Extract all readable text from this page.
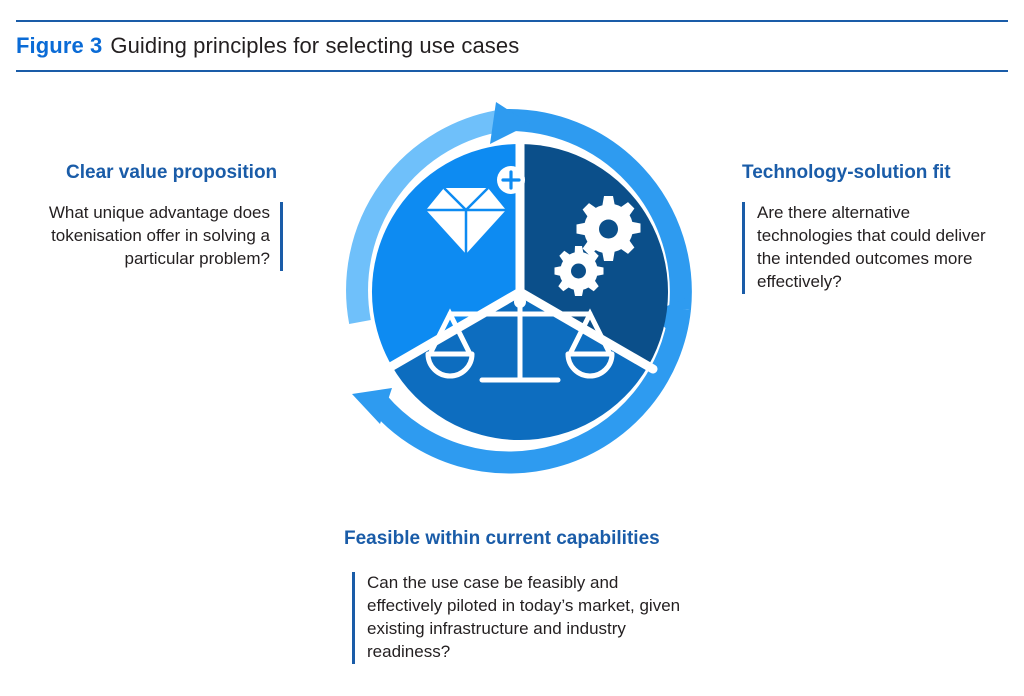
Figure 3 Guiding principles for selecting use cases
Clear value proposition
What unique advantage does tokenisation offer in solving a particular problem?
Technology-solution fit
Are there alternative technologies that could deliver the intended outcomes more effectively?
Feasible within current capabilities
Can the use case be feasibly and effectively piloted in today’s market, given existing infrastructure and industry readiness?
